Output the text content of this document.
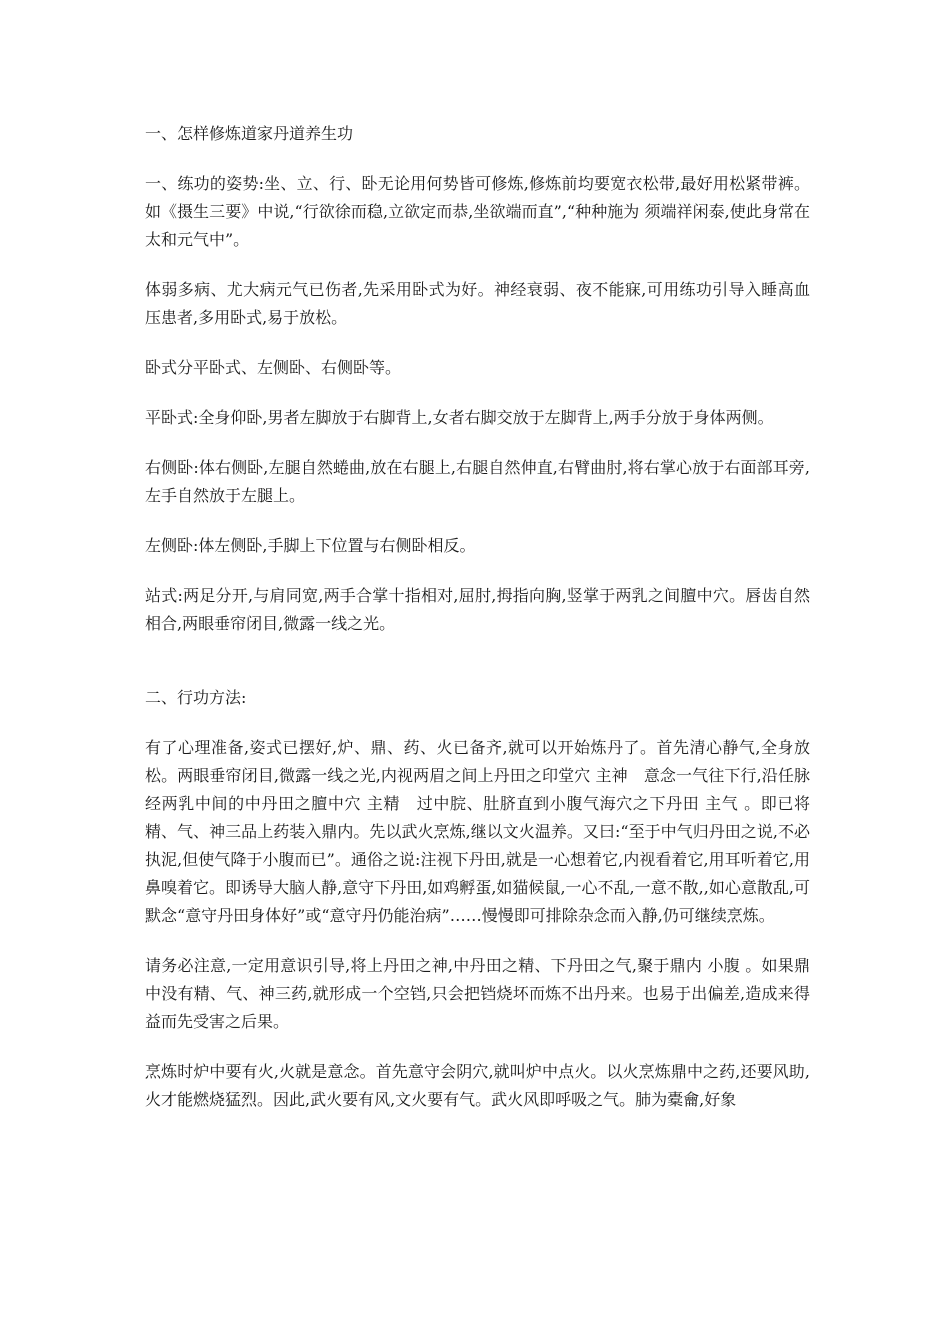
一、怎样修炼道家丹道养生功

一、练功的姿势:坐、立、行、卧无论用何势皆可修炼,修炼前均要宽衣松带,最好用松紧带裤。如《摄生三要》中说,“行欲徐而稳,立欲定而恭,坐欲端而直”,“种种施为 须端祥闲泰,使此身常在太和元气中”。

体弱多病、尤大病元气已伤者,先采用卧式为好。神经衰弱、夜不能寐,可用练功引导入睡高血压患者,多用卧式,易于放松。

卧式分平卧式、左侧卧、右侧卧等。

平卧式:全身仰卧,男者左脚放于右脚背上,女者右脚交放于左脚背上,两手分放于身体两侧。

右侧卧:体右侧卧,左腿自然蜷曲,放在右腿上,右腿自然伸直,右臂曲肘,将右掌心放于右面部耳旁,左手自然放于左腿上。

左侧卧:体左侧卧,手脚上下位置与右侧卧相反。

站式:两足分开,与肩同宽,两手合掌十指相对,屈肘,拇指向胸,竖掌于两乳之间膻中穴。唇齿自然相合,两眼垂帘闭目,微露一线之光。

二、行功方法:

有了心理准备,姿式已摆好,炉、鼎、药、火已备齐,就可以开始炼丹了。首先清心静气,全身放松。两眼垂帘闭目,微露一线之光,内视两眉之间上丹田之印堂穴 主神　意念一气往下行,沿任脉经两乳中间的中丹田之膻中穴 主精　过中脘、肚脐直到小腹气海穴之下丹田 主气 。即已将精、气、神三品上药装入鼎内。先以武火烹炼,继以文火温养。又曰:“至于中气归丹田之说,不必执泥,但使气降于小腹而已”。通俗之说:注视下丹田,就是一心想着它,内视看着它,用耳听着它,用鼻嗅着它。即诱导大脑人静,意守下丹田,如鸡孵蛋,如猫候鼠,一心不乱,一意不散,,如心意散乱,可默念“意守丹田身体好”或“意守丹仍能治病”……慢慢即可排除杂念而入静,仍可继续烹炼。

请务必注意,一定用意识引导,将上丹田之神,中丹田之精、下丹田之气,聚于鼎内 小腹 。如果鼎中没有精、气、神三药,就形成一个空铛,只会把铛烧坏而炼不出丹来。也易于出偏差,造成来得益而先受害之后果。

烹炼时炉中要有火,火就是意念。首先意守会阴穴,就叫炉中点火。以火烹炼鼎中之药,还要风助,火才能燃烧猛烈。因此,武火要有风,文火要有气。武火风即呼吸之气。肺为橐龠,好象
